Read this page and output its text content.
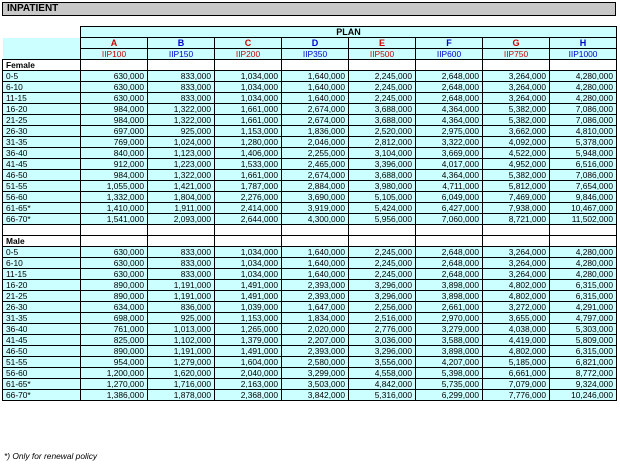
INPATIENT
	PLAN							
	A	B	C	D	E	F	G	H
	IIP100	IIP150	IIP200	IIP350	IIP500	IIP600	IIP750	IIP1000
Female								
0-5	630,000	833,000	1,034,000	1,640,000	2,245,000	2,648,000	3,264,000	4,280,000
6-10	630,000	833,000	1,034,000	1,640,000	2,245,000	2,648,000	3,264,000	4,280,000
11-15	630,000	833,000	1,034,000	1,640,000	2,245,000	2,648,000	3,264,000	4,280,000
16-20	984,000	1,322,000	1,661,000	2,674,000	3,688,000	4,364,000	5,382,000	7,086,000
21-25	984,000	1,322,000	1,661,000	2,674,000	3,688,000	4,364,000	5,382,000	7,086,000
26-30	697,000	925,000	1,153,000	1,836,000	2,520,000	2,975,000	3,662,000	4,810,000
31-35	769,000	1,024,000	1,280,000	2,046,000	2,812,000	3,322,000	4,092,000	5,378,000
36-40	840,000	1,123,000	1,406,000	2,255,000	3,104,000	3,669,000	4,522,000	5,948,000
41-45	912,000	1,223,000	1,533,000	2,465,000	3,396,000	4,017,000	4,952,000	6,516,000
46-50	984,000	1,322,000	1,661,000	2,674,000	3,688,000	4,364,000	5,382,000	7,086,000
51-55	1,055,000	1,421,000	1,787,000	2,884,000	3,980,000	4,711,000	5,812,000	7,654,000
56-60	1,332,000	1,804,000	2,276,000	3,690,000	5,105,000	6,049,000	7,469,000	9,846,000
61-65*	1,410,000	1,911,000	2,414,000	3,919,000	5,424,000	6,427,000	7,938,000	10,467,000
66-70*	1,541,000	2,093,000	2,644,000	4,300,000	5,956,000	7,060,000	8,721,000	11,502,000

Male								
0-5	630,000	833,000	1,034,000	1,640,000	2,245,000	2,648,000	3,264,000	4,280,000
6-10	630,000	833,000	1,034,000	1,640,000	2,245,000	2,648,000	3,264,000	4,280,000
11-15	630,000	833,000	1,034,000	1,640,000	2,245,000	2,648,000	3,264,000	4,280,000
16-20	890,000	1,191,000	1,491,000	2,393,000	3,296,000	3,898,000	4,802,000	6,315,000
21-25	890,000	1,191,000	1,491,000	2,393,000	3,296,000	3,898,000	4,802,000	6,315,000
26-30	634,000	836,000	1,039,000	1,647,000	2,256,000	2,661,000	3,272,000	4,291,000
31-35	698,000	925,000	1,153,000	1,834,000	2,516,000	2,970,000	3,655,000	4,797,000
36-40	761,000	1,013,000	1,265,000	2,020,000	2,776,000	3,279,000	4,038,000	5,303,000
41-45	825,000	1,102,000	1,379,000	2,207,000	3,036,000	3,588,000	4,419,000	5,809,000
46-50	890,000	1,191,000	1,491,000	2,393,000	3,296,000	3,898,000	4,802,000	6,315,000
51-55	954,000	1,279,000	1,604,000	2,580,000	3,556,000	4,207,000	5,185,000	6,821,000
56-60	1,200,000	1,620,000	2,040,000	3,299,000	4,558,000	5,398,000	6,661,000	8,772,000
61-65*	1,270,000	1,716,000	2,163,000	3,503,000	4,842,000	5,735,000	7,079,000	9,324,000
66-70*	1,386,000	1,878,000	2,368,000	3,842,000	5,316,000	6,299,000	7,776,000	10,246,000
*) Only for renewal policy
